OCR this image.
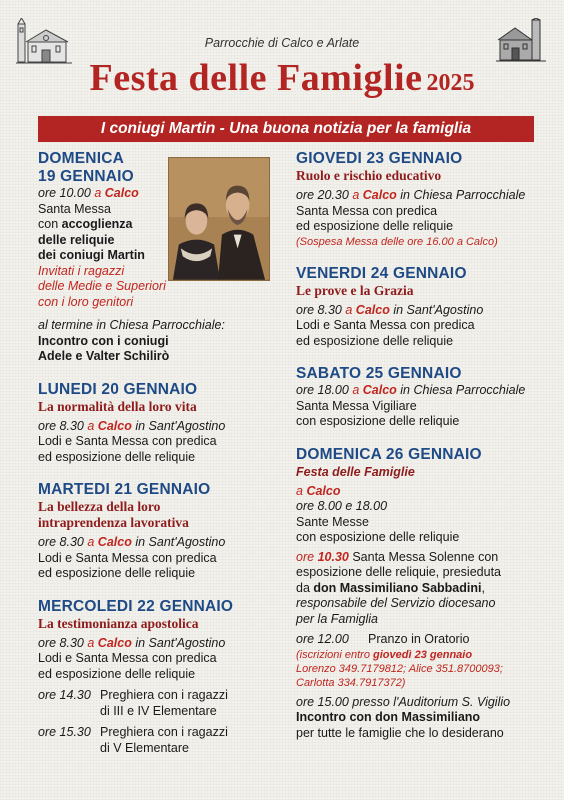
Parrocchie di Calco e Arlate
Festa delle Famiglie 2025
I coniugi Martin - Una buona notizia per la famiglia
DOMENICA
19 GENNAIO
ore 10.00 a Calco
Santa Messa
con accoglienza
delle reliquie
dei coniugi Martin
Invitati i ragazzi
delle Medie e Superiori
con i loro genitori
al termine in Chiesa Parrocchiale:
Incontro con i coniugi
Adele e Valter Schilirò
LUNEDI 20 GENNAIO
La normalità della loro vita
ore 8.30 a Calco in Sant'Agostino
Lodi e Santa Messa con predica
ed esposizione delle reliquie
MARTEDI 21 GENNAIO
La bellezza della loro
intraprendenza lavorativa
ore 8.30 a Calco in Sant'Agostino
Lodi e Santa Messa con predica
ed esposizione delle reliquie
MERCOLEDI 22 GENNAIO
La testimonianza apostolica
ore 8.30 a Calco in Sant'Agostino
Lodi e Santa Messa con predica
ed esposizione delle reliquie
ore 14.30 Preghiera con i ragazzi
di III e IV Elementare
ore 15.30 Preghiera con i ragazzi
di V Elementare
GIOVEDI 23 GENNAIO
Ruolo e rischio educativo
ore 20.30 a Calco in Chiesa Parrocchiale
Santa Messa con predica
ed esposizione delle reliquie
(Sospesa Messa delle ore 16.00 a Calco)
VENERDI 24 GENNAIO
Le prove e la Grazia
ore 8.30 a Calco in Sant'Agostino
Lodi e Santa Messa con predica
ed esposizione delle reliquie
SABATO 25 GENNAIO
ore 18.00 a Calco in Chiesa Parrocchiale
Santa Messa Vigiliare
con esposizione delle reliquie
DOMENICA 26 GENNAIO
Festa delle Famiglie
a Calco
ore 8.00 e 18.00
Sante Messe
con esposizione delle reliquie
ore 10.30 Santa Messa Solenne con
esposizione delle reliquie, presieduta
da don Massimiliano Sabbadini,
responsabile del Servizio diocesano
per la Famiglia
ore 12.00 Pranzo in Oratorio
(iscrizioni entro giovedì 23 gennaio
Lorenzo 349.7179812; Alice 351.8700093;
Carlotta 334.7917372)
ore 15.00 presso l'Auditorium S. Vigilio
Incontro con don Massimiliano
per tutte le famiglie che lo desiderano
